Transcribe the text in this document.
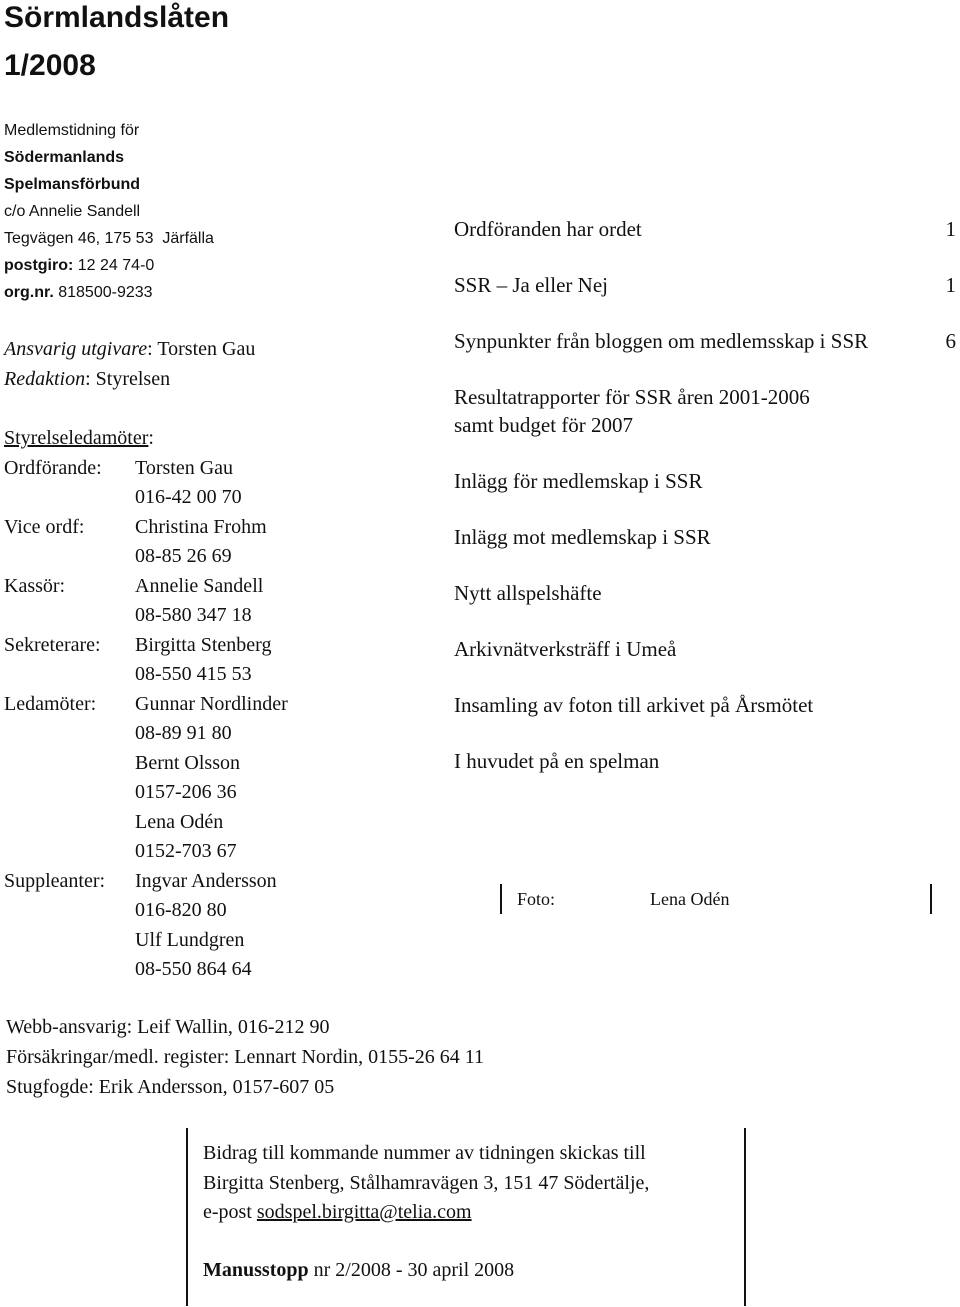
Sörmlandslåten
1/2008
Medlemstidning för
Södermanlands
Spelmansförbund
c/o Annelie Sandell
Tegvägen 46, 175 53 Järfälla
postgiro: 12 24 74-0
org.nr. 818500-9233
Ansvarig utgivare: Torsten Gau
Redaktion: Styrelsen
Styrelseledamöter:
Ordförande: Torsten Gau
016-42 00 70
Vice ordf:	Christina Frohm
08-85 26 69
Kassör:	Annelie Sandell
08-580 347 18
Sekreterare: Birgitta Stenberg
08-550 415 53
Ledamöter: Gunnar Nordlinder
08-89 91 80
Bernt Olsson
0157-206 36
Lena Odén
0152-703 67
Suppleanter: Ingvar Andersson
016-820 80
Ulf Lundgren
08-550 864 64
Ordföranden har ordet	1
SSR – Ja eller Nej	1
Synpunkter från bloggen om medlemsskap i SSR	6
Resultatrapporter för SSR åren 2001-2006
samt budget för 2007
Inlägg för medlemskap i SSR
Inlägg mot medlemskap i SSR
Nytt allspelshäfte
Arkivnätverksträff i Umeå
Insamling av foton till arkivet på Årsmötet
I huvudet på en spelman
Foto:	Lena Odén
Webb-ansvarig: Leif Wallin, 016-212 90
Försäkringar/medl. register: Lennart Nordin, 0155-26 64 11
Stugfogde: Erik Andersson, 0157-607 05
Bidrag till kommande nummer av tidningen skickas till
Birgitta Stenberg, Stålhamravägen 3, 151 47 Södertälje,
e-post sodspel.birgitta@telia.com
Manusstopp nr 2/2008 - 30 april 2008
